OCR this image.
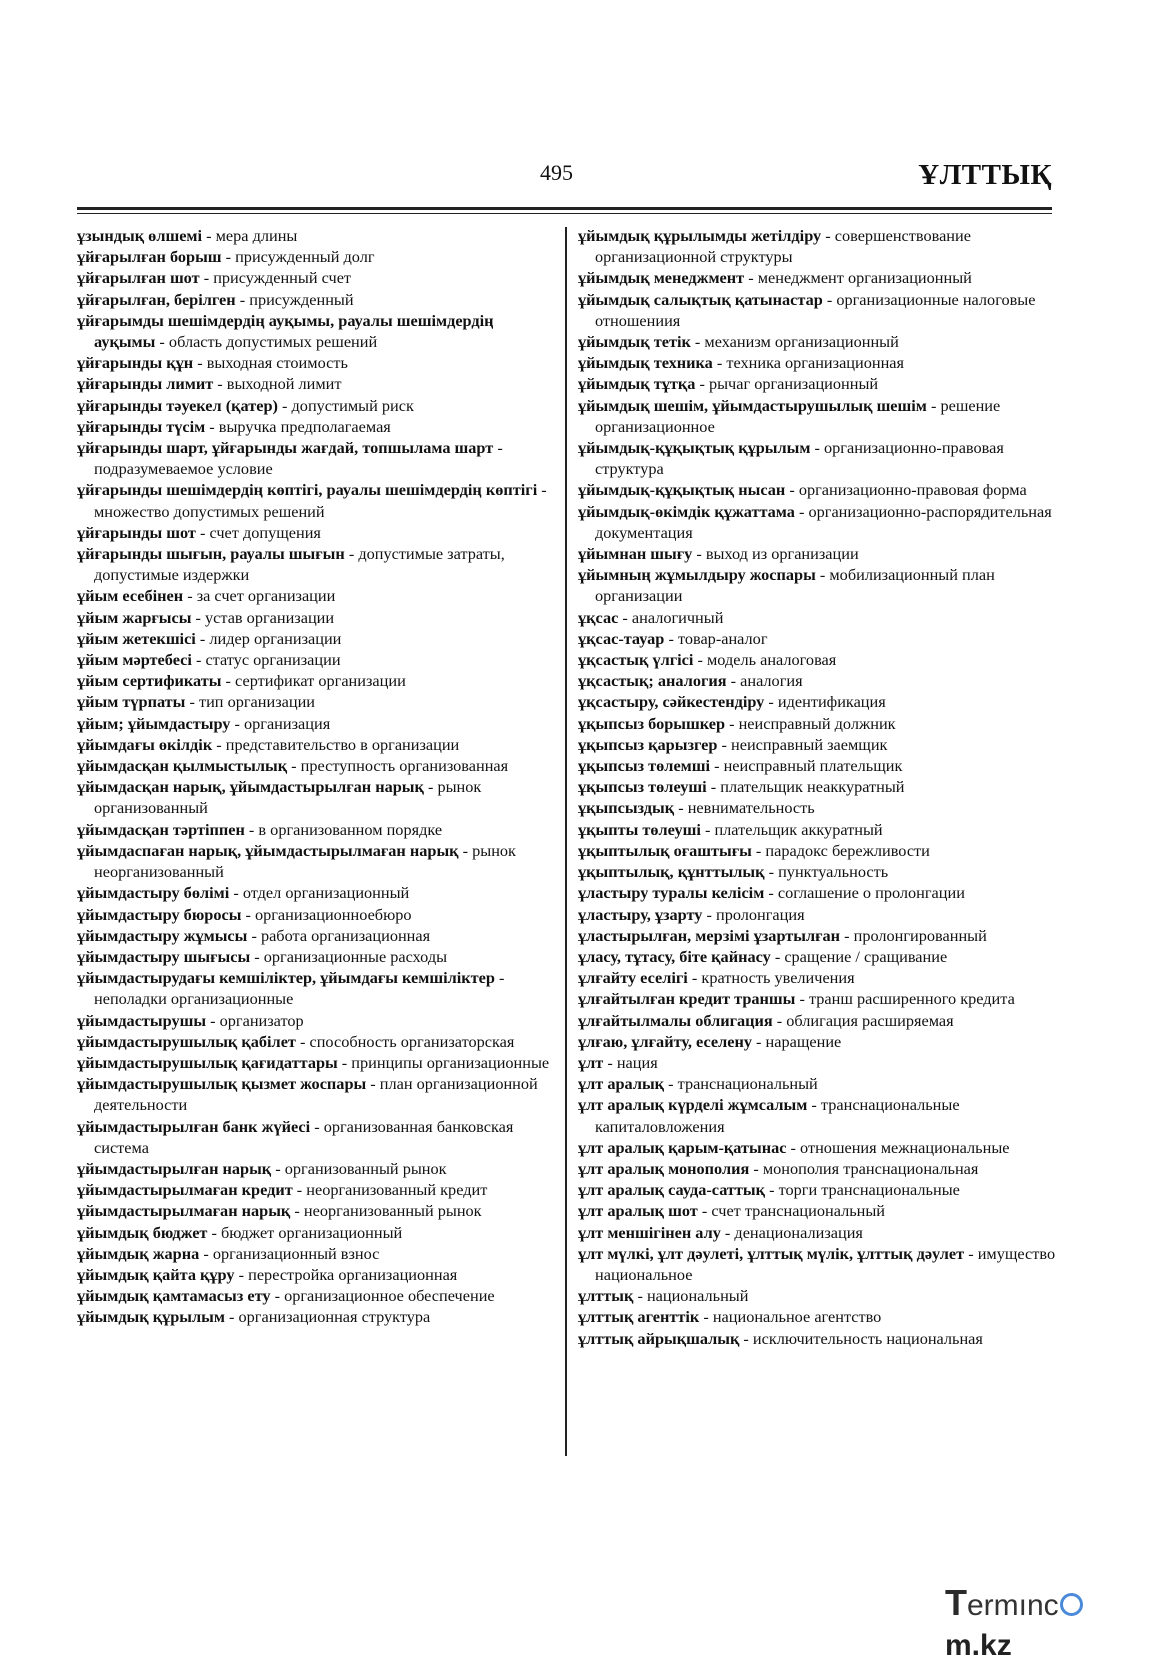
495	ҰЛТТЫҚ
ұзындық өлшемі - мера длины
ұйғарылған борыш - присужденный долг
ұйғарылған шот - присужденный счет
ұйғарылған, берілген - присужденный
ұйғарымды шешімдердің ауқымы, рауалы шешімдердің ауқымы - область допустимых решений
ұйғарынды құн - выходная стоимость
ұйғарынды лимит - выходной лимит
ұйғарынды тәуекел (қатер) - допустимый риск
ұйғарынды түсім - выручка предполагаемая
ұйғарынды шарт, ұйғарынды жағдай, топшылама шарт - подразумеваемое условие
ұйғарынды шешімдердің көптігі, рауалы шешімдердің көптігі - множество допустимых решений
ұйғарынды шот - счет допущения
ұйғарынды шығын, рауалы шығын - допустимые затраты, допустимые издержки
ұйым есебінен - за счет организации
ұйым жарғысы - устав организации
ұйым жетекшісі - лидер организации
ұйым мәртебесі - статус организации
ұйым сертификаты - сертификат организации
ұйым түрпаты - тип организации
ұйым; ұйымдастыру - организация
ұйымдағы өкілдік - представительство в организации
ұйымдасқан қылмыстылық - преступность организованная
ұйымдасқан нарық, ұйымдастырылған нарық - рынок организованный
ұйымдасқан тәртіппен - в организованном порядке
ұйымдаспаған нарық, ұйымдастырылмаған нарық - рынок неорганизованный
ұйымдастыру бөлімі - отдел организационный
ұйымдастыру бюросы - организационноебюро
ұйымдастыру жұмысы - работа организационная
ұйымдастыру шығысы - организационные расходы
ұйымдастырудағы кемшіліктер, ұйымдағы кемшіліктер - неполадки организационные
ұйымдастырушы - организатор
ұйымдастырушылық қабілет - способность организаторская
ұйымдастырушылық қағидаттары - принципы организационные
ұйымдастырушылық қызмет жоспары - план организационной деятельности
ұйымдастырылған банк жүйесі - организованная банковская система
ұйымдастырылған нарық - организованный рынок
ұйымдастырылмаған кредит - неорганизованный кредит
ұйымдастырылмаған нарық - неорганизованный рынок
ұйымдық бюджет - бюджет организационный
ұйымдық жарна - организационный взнос
ұйымдық қайта құру - перестройка организационная
ұйымдық қамтамасыз ету - организационное обеспечение
ұйымдық құрылым - организационная структура
ұйымдық құрылымды жетілдіру - совершенствование организационной структуры
ұйымдық менеджмент - менеджмент организационный
ұйымдық салықтық қатынастар - организационные налоговые отношениия
ұйымдық тетік - механизм организационный
ұйымдық техника - техника организационная
ұйымдық тұтқа - рычаг организационный
ұйымдық шешім, ұйымдастырушылық шешім - решение организационное
ұйымдық-құқықтық құрылым - организационно-правовая структура
ұйымдық-құқықтық нысан - организационно-правовая форма
ұйымдық-өкімдік құжаттама - организационно-распорядительная документация
ұйымнан шығу - выход из организации
ұйымның жұмылдыру жоспары - мобилизационный план организации
ұқсас - аналогичный
ұқсас-тауар - товар-аналог
ұқсастық үлгісі - модель аналоговая
ұқсастық; аналогия - аналогия
ұқсастыру, сәйкестендіру - идентификация
ұқыпсыз борышкер - неисправный должник
ұқыпсыз қарызгер - неисправный заемщик
ұқыпсыз төлемші - неисправный плательщик
ұқыпсыз төлеуші - плательщик неаккуратный
ұқыпсыздық - невнимательность
ұқыпты төлеуші - плательщик аккуратный
ұқыптылық оғаштығы - парадокс бережливости
ұқыптылық, құнттылық - пунктуальность
ұластыру туралы келісім - соглашение о пролонгации
ұластыру, ұзарту - пролонгация
ұластырылған, мерзімі ұзартылған - пролонгированный
ұласу, тұтасу, бітe қайнасу - сращение / сращивание
ұлғайту еселігі - кратность увеличения
ұлғайтылған кредит траншы - транш расширенного кредита
ұлғайтылмалы облигация - облигация расширяемая
ұлғаю, ұлғайту, еселену - наращение
ұлт - нация
ұлт аралық - транснациональный
ұлт аралық күрделі жұмсалым - транснациональные капиталовложения
ұлт аралық қарым-қатынас - отношения межнациональные
ұлт аралық монополия - монополия транснациональная
ұлт аралық сауда-саттық - торги транснациональные
ұлт аралық шот - счет транснациональный
ұлт меншігінен алу - денационализация
ұлт мүлкі, ұлт дәулеті, ұлттық мүлік, ұлттық дәулет - имущество национальное
ұлттық - национальный
ұлттық агенттік - национальное агентство
ұлттық айрықшалық - исключительность национальная
Termıncm.kz
